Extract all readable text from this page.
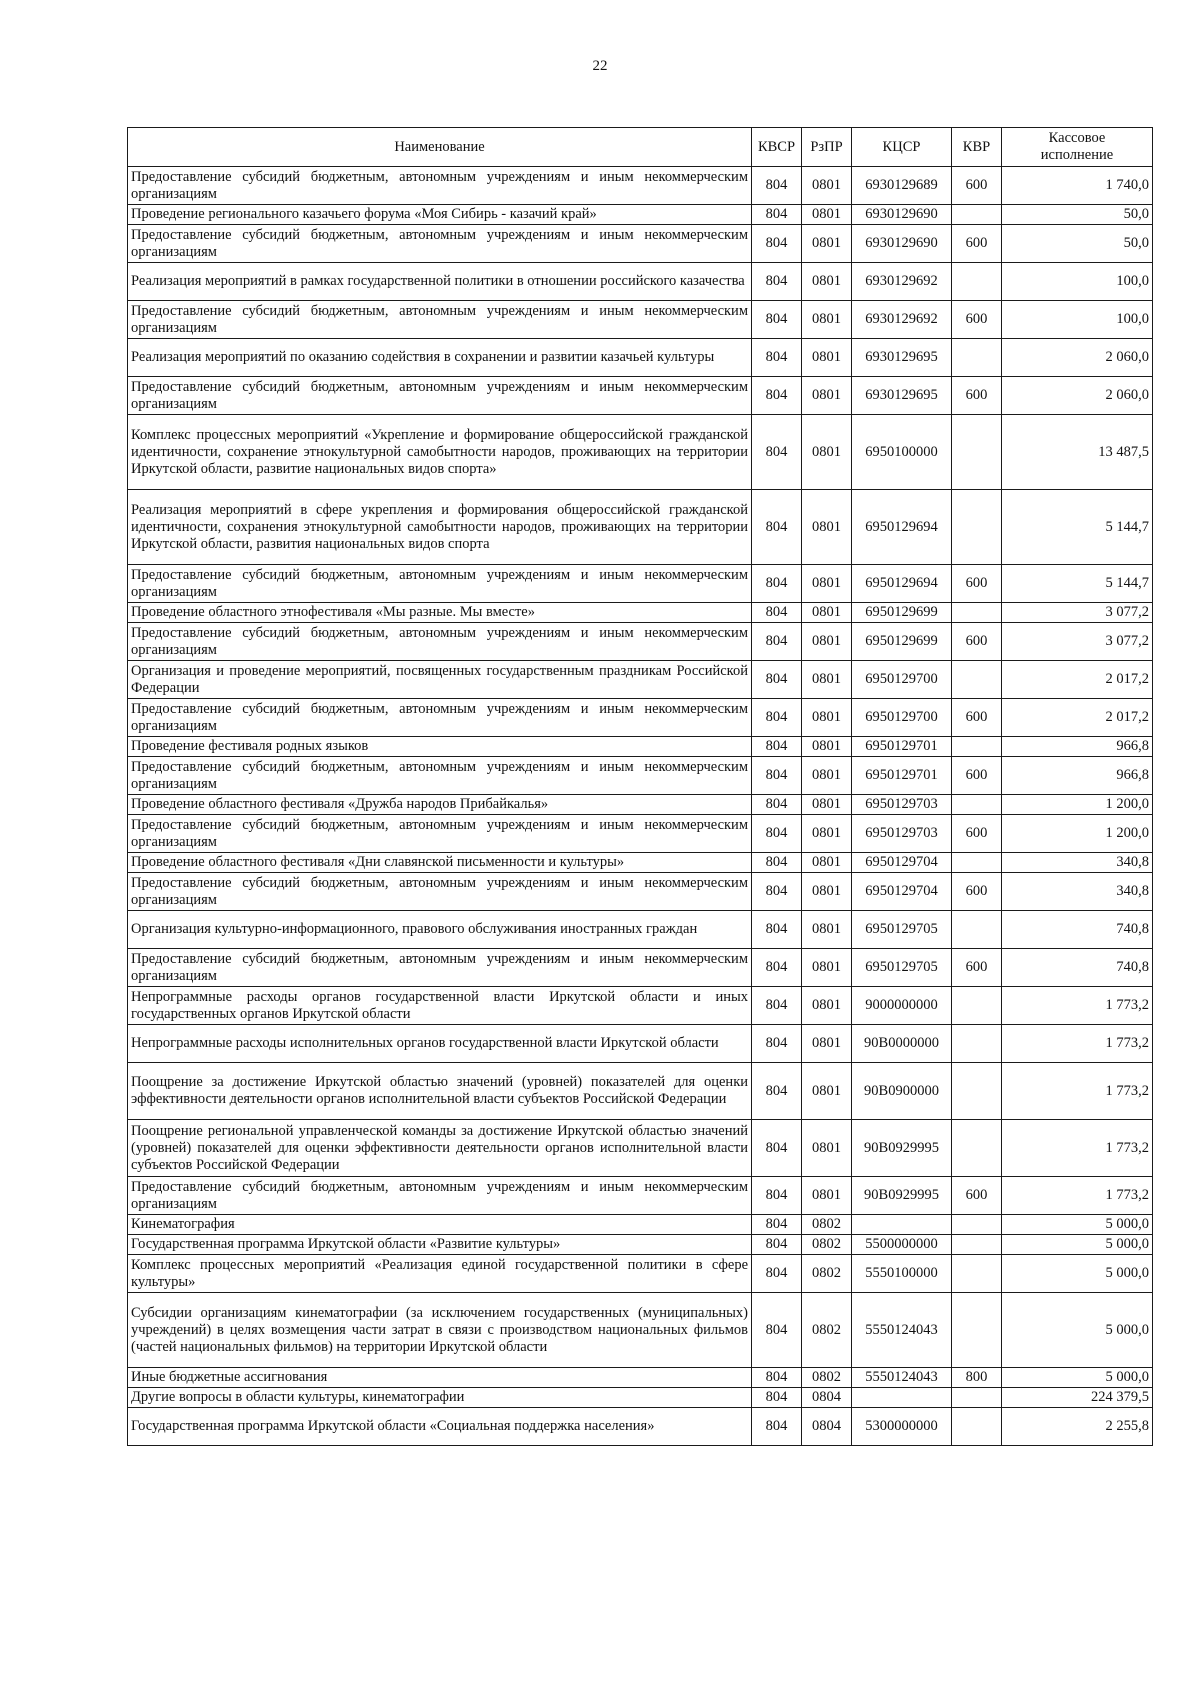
22
Наименование	КВСР	РзПР	КЦСР	КВР	Кассовое
исполнение

Предоставление субсидий бюджетным, автономным учреждениям и иным некоммерческим организациям	804	0801	6930129689	600	1 740,0
Проведение регионального казачьего форума «Моя Сибирь - казачий край»	804	0801	6930129690		50,0
Предоставление субсидий бюджетным, автономным учреждениям и иным некоммерческим организациям	804	0801	6930129690	600	50,0
Реализация мероприятий в рамках государственной политики в отношении российского казачества	804	0801	6930129692		100,0
Предоставление субсидий бюджетным, автономным учреждениям и иным некоммерческим организациям	804	0801	6930129692	600	100,0
Реализация мероприятий по оказанию содействия в сохранении и развитии казачьей культуры	804	0801	6930129695		2 060,0
Предоставление субсидий бюджетным, автономным учреждениям и иным некоммерческим организациям	804	0801	6930129695	600	2 060,0
Комплекс процессных мероприятий «Укрепление и формирование общероссийской гражданской идентичности, сохранение этнокультурной самобытности народов, проживающих на территории Иркутской области, развитие национальных видов спорта»	804	0801	6950100000		13 487,5
Реализация мероприятий в сфере укрепления и формирования общероссийской гражданской идентичности, сохранения этнокультурной самобытности народов, проживающих на территории Иркутской области, развития национальных видов спорта	804	0801	6950129694		5 144,7
Предоставление субсидий бюджетным, автономным учреждениям и иным некоммерческим организациям	804	0801	6950129694	600	5 144,7
Проведение областного этнофестиваля «Мы разные. Мы вместе»	804	0801	6950129699		3 077,2
Предоставление субсидий бюджетным, автономным учреждениям и иным некоммерческим организациям	804	0801	6950129699	600	3 077,2
Организация и проведение мероприятий, посвященных государственным праздникам Российской Федерации	804	0801	6950129700		2 017,2
Предоставление субсидий бюджетным, автономным учреждениям и иным некоммерческим организациям	804	0801	6950129700	600	2 017,2
Проведение фестиваля родных языков	804	0801	6950129701		966,8
Предоставление субсидий бюджетным, автономным учреждениям и иным некоммерческим организациям	804	0801	6950129701	600	966,8
Проведение областного фестиваля «Дружба народов Прибайкалья»	804	0801	6950129703		1 200,0
Предоставление субсидий бюджетным, автономным учреждениям и иным некоммерческим организациям	804	0801	6950129703	600	1 200,0
Проведение областного фестиваля «Дни славянской письменности и культуры»	804	0801	6950129704		340,8
Предоставление субсидий бюджетным, автономным учреждениям и иным некоммерческим организациям	804	0801	6950129704	600	340,8
Организация культурно-информационного, правового обслуживания иностранных граждан	804	0801	6950129705		740,8
Предоставление субсидий бюджетным, автономным учреждениям и иным некоммерческим организациям	804	0801	6950129705	600	740,8
Непрограммные расходы органов государственной власти Иркутской области и иных государственных органов Иркутской области	804	0801	9000000000		1 773,2
Непрограммные расходы исполнительных органов государственной власти Иркутской области	804	0801	90В0000000		1 773,2
Поощрение за достижение Иркутской областью значений (уровней) показателей для оценки эффективности деятельности органов исполнительной власти субъектов Российской Федерации	804	0801	90В0900000		1 773,2
Поощрение региональной управленческой команды за достижение Иркутской областью значений (уровней) показателей для оценки эффективности деятельности органов исполнительной власти субъектов Российской Федерации	804	0801	90В0929995		1 773,2
Предоставление субсидий бюджетным, автономным учреждениям и иным некоммерческим организациям	804	0801	90В0929995	600	1 773,2
Кинематография	804	0802			5 000,0
Государственная программа Иркутской области «Развитие культуры»	804	0802	5500000000		5 000,0
Комплекс процессных мероприятий «Реализация единой государственной политики в сфере культуры»	804	0802	5550100000		5 000,0
Субсидии организациям кинематографии (за исключением государственных (муниципальных) учреждений) в целях возмещения части затрат в связи с производством национальных фильмов (частей национальных фильмов) на территории Иркутской области	804	0802	5550124043		5 000,0
Иные бюджетные ассигнования	804	0802	5550124043	800	5 000,0
Другие вопросы в области культуры, кинематографии	804	0804			224 379,5
Государственная программа Иркутской области «Социальная поддержка населения»	804	0804	5300000000		2 255,8
